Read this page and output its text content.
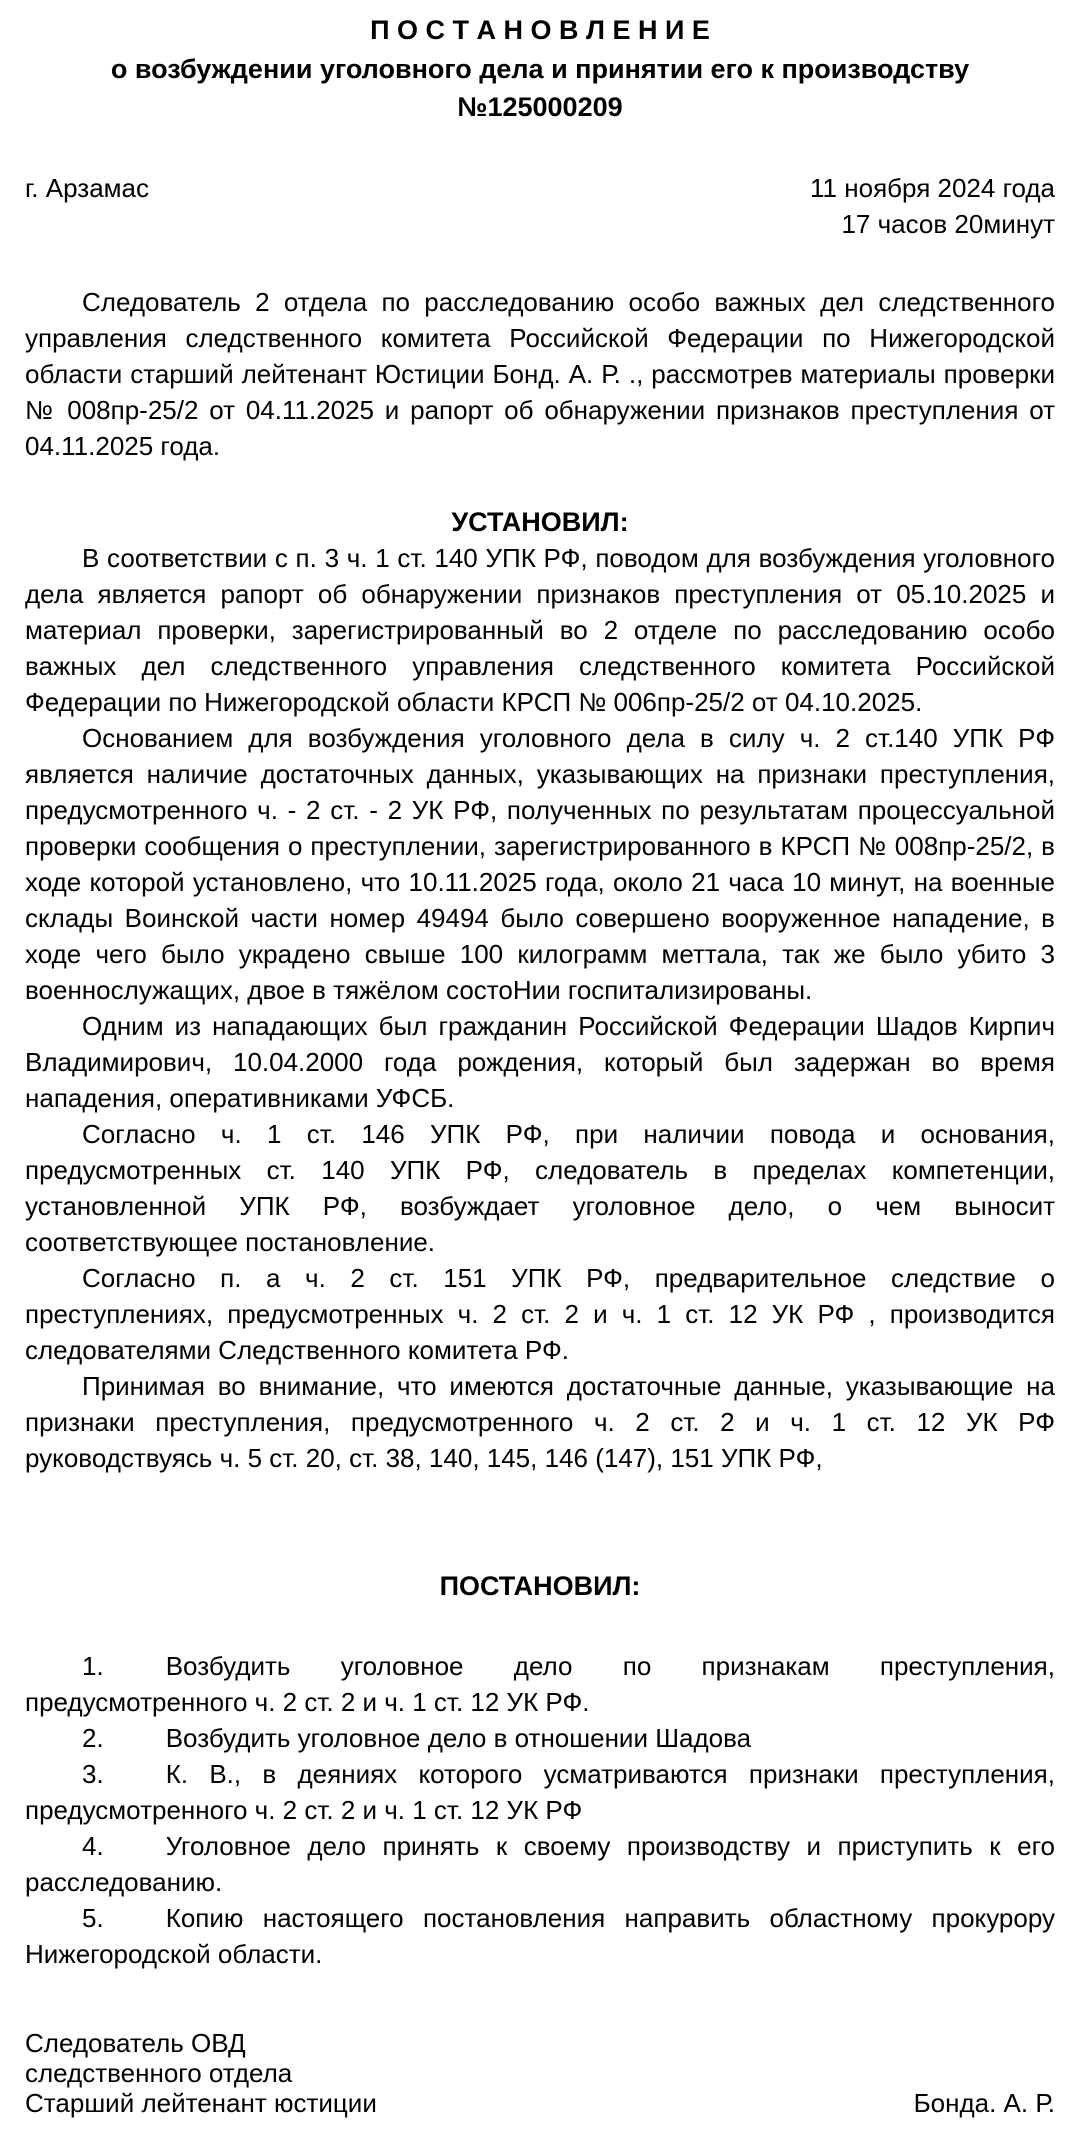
П О С Т А Н О В Л Е Н И Е
о возбуждении уголовного дела и принятии его к производству
№125000209
г. Арзамас	11 ноября 2024 года
17 часов 20минут

Следователь 2 отдела по расследованию особо важных дел следственного управления следственного комитета Российской Федерации по Нижегородской области старший лейтенант Юстиции Бонд. А. Р. ., рассмотрев материалы проверки № 008пр-25/2 от 04.11.2025 и рапорт об обнаружении признаков преступления от 04.11.2025 года.

УСТАНОВИЛ:

В соответствии с п. 3 ч. 1 ст. 140 УПК РФ, поводом для возбуждения уголовного дела является рапорт об обнаружении признаков преступления от 05.10.2025 и материал проверки, зарегистрированный во 2 отделе по расследованию особо важных дел следственного управления следственного комитета Российской Федерации по Нижегородской области КРСП № 006пр-25/2 от 04.10.2025.

Основанием для возбуждения уголовного дела в силу ч. 2 ст.140 УПК РФ является наличие достаточных данных, указывающих на признаки преступления, предусмотренного ч. - 2 ст. - 2 УК РФ, полученных по результатам процессуальной проверки сообщения о преступлении, зарегистрированного в КРСП № 008пр-25/2, в ходе которой установлено, что 10.11.2025 года, около 21 часа 10 минут, на военные склады Воинской части номер 49494 было совершено вооруженное нападение, в ходе чего было украдено свыше 100 килограмм меттала, так же было убито 3 военнослужащих, двое в тяжёлом состоНии госпитализированы.

Одним из нападающих был гражданин Российской Федерации Шадов Кирпич Владимирович, 10.04.2000 года рождения, который был задержан во время нападения, оперативниками УФСБ.

Согласно ч. 1 ст. 146 УПК РФ, при наличии повода и основания, предусмотренных ст. 140 УПК РФ, следователь в пределах компетенции, установленной УПК РФ, возбуждает уголовное дело, о чем выносит соответствующее постановление.

Согласно п. а ч. 2 ст. 151 УПК РФ, предварительное следствие о преступлениях, предусмотренных ч. 2 ст. 2 и ч. 1 ст. 12 УК РФ , производится следователями Следственного комитета РФ.

Принимая во внимание, что имеются достаточные данные, указывающие на признаки преступления, предусмотренного ч. 2 ст. 2 и ч. 1 ст. 12 УК РФ руководствуясь ч. 5 ст. 20, ст. 38, 140, 145, 146 (147), 151 УПК РФ,

ПОСТАНОВИЛ:

1. Возбудить уголовное дело по признакам преступления, предусмотренного ч. 2 ст. 2 и ч. 1 ст. 12 УК РФ.

2. Возбудить уголовное дело в отношении Шадова

3. К. В., в деяниях которого усматриваются признаки преступления, предусмотренного ч. 2 ст. 2 и ч. 1 ст. 12 УК РФ

4. Уголовное дело принять к своему производству и приступить к его расследованию.

5. Копию настоящего постановления направить областному прокурору Нижегородской области.

Следователь ОВД
следственного отдела
Старший лейтенант юстиции	Бонда. А. Р.
